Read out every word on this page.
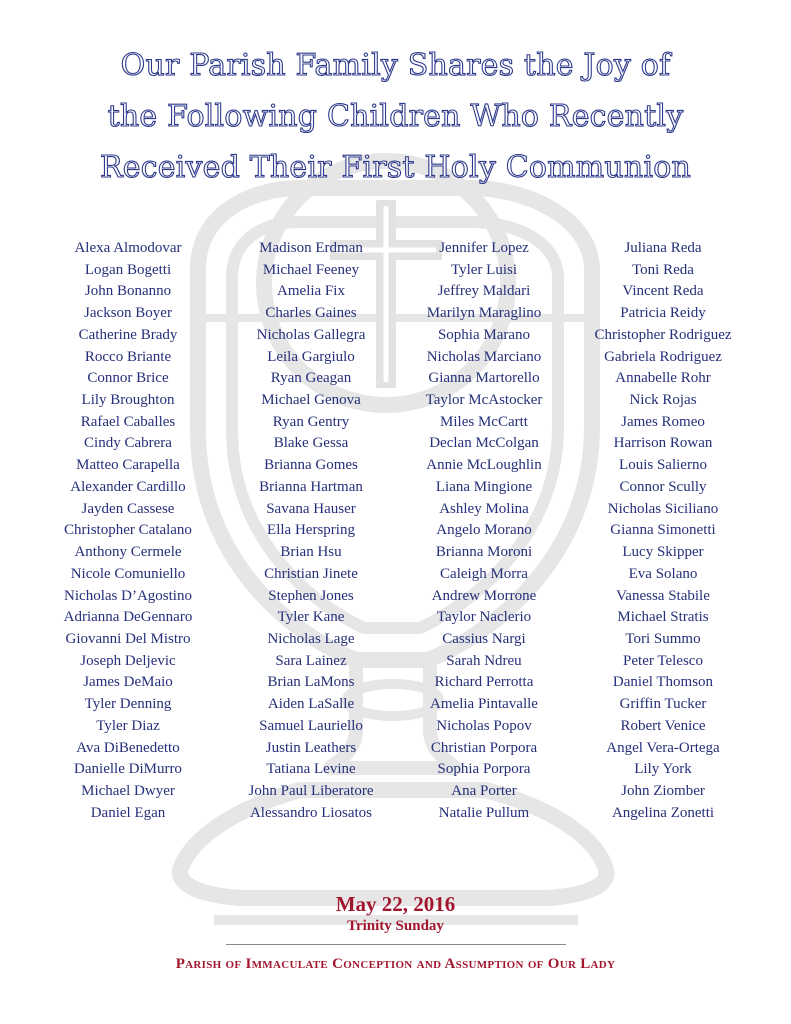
Our Parish Family Shares the Joy of
the Following Children Who Recently
Received Their First Holy Communion
Alexa Almodovar
Logan Bogetti
John Bonanno
Jackson Boyer
Catherine Brady
Rocco Briante
Connor Brice
Lily Broughton
Rafael Caballes
Cindy Cabrera
Matteo Carapella
Alexander Cardillo
Jayden Cassese
Christopher Catalano
Anthony Cermele
Nicole Comuniello
Nicholas D’Agostino
Adrianna DeGennaro
Giovanni Del Mistro
Joseph Deljevic
James DeMaio
Tyler Denning
Tyler Diaz
Ava DiBenedetto
Danielle DiMurro
Michael Dwyer
Daniel Egan
Madison Erdman
Michael Feeney
Amelia Fix
Charles Gaines
Nicholas Gallegra
Leila Gargiulo
Ryan Geagan
Michael Genova
Ryan Gentry
Blake Gessa
Brianna Gomes
Brianna Hartman
Savana Hauser
Ella Herspring
Brian Hsu
Christian Jinete
Stephen Jones
Tyler Kane
Nicholas Lage
Sara Lainez
Brian LaMons
Aiden LaSalle
Samuel Lauriello
Justin Leathers
Tatiana Levine
John Paul Liberatore
Alessandro Liosatos
Jennifer Lopez
Tyler Luisi
Jeffrey Maldari
Marilyn Maraglino
Sophia Marano
Nicholas Marciano
Gianna Martorello
Taylor McAstocker
Miles McCartt
Declan McColgan
Annie McLoughlin
Liana Mingione
Ashley Molina
Angelo Morano
Brianna Moroni
Caleigh Morra
Andrew Morrone
Taylor Naclerio
Cassius Nargi
Sarah Ndreu
Richard Perrotta
Amelia Pintavalle
Nicholas Popov
Christian Porpora
Sophia Porpora
Ana Porter
Natalie Pullum
Juliana Reda
Toni Reda
Vincent Reda
Patricia Reidy
Christopher Rodriguez
Gabriela Rodriguez
Annabelle Rohr
Nick Rojas
James Romeo
Harrison Rowan
Louis Salierno
Connor Scully
Nicholas Siciliano
Gianna Simonetti
Lucy Skipper
Eva Solano
Vanessa Stabile
Michael Stratis
Tori Summo
Peter Telesco
Daniel Thomson
Griffin Tucker
Robert Venice
Angel Vera-Ortega
Lily York
John Ziomber
Angelina Zonetti

May 22, 2016

Trinity Sunday

Parish of Immaculate Conception and Assumption of Our Lady
